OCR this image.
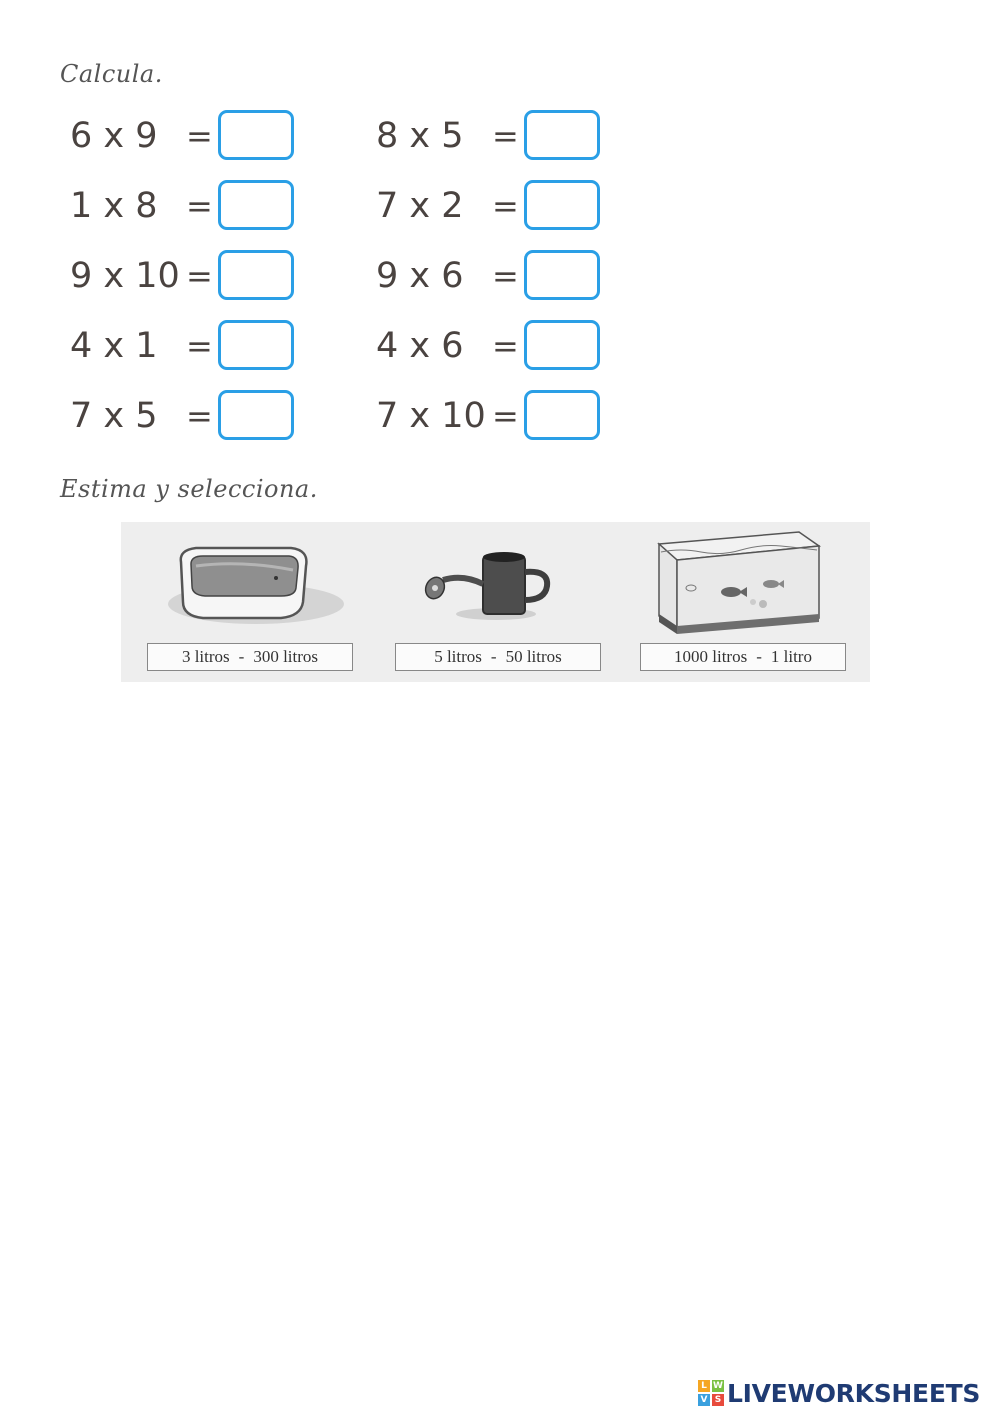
Calcula.
6 x 9 =
1 x 8 =
9 x 10 =
4 x 1 =
7 x 5 =
8 x 5 =
7 x 2 =
9 x 6 =
4 x 6 =
7 x 10 =
Estima y selecciona.
3 litros - 300 litros	5 litros - 50 litros	1000 litros - 1 litro
L W
V S LIVEWORKSHEETS
